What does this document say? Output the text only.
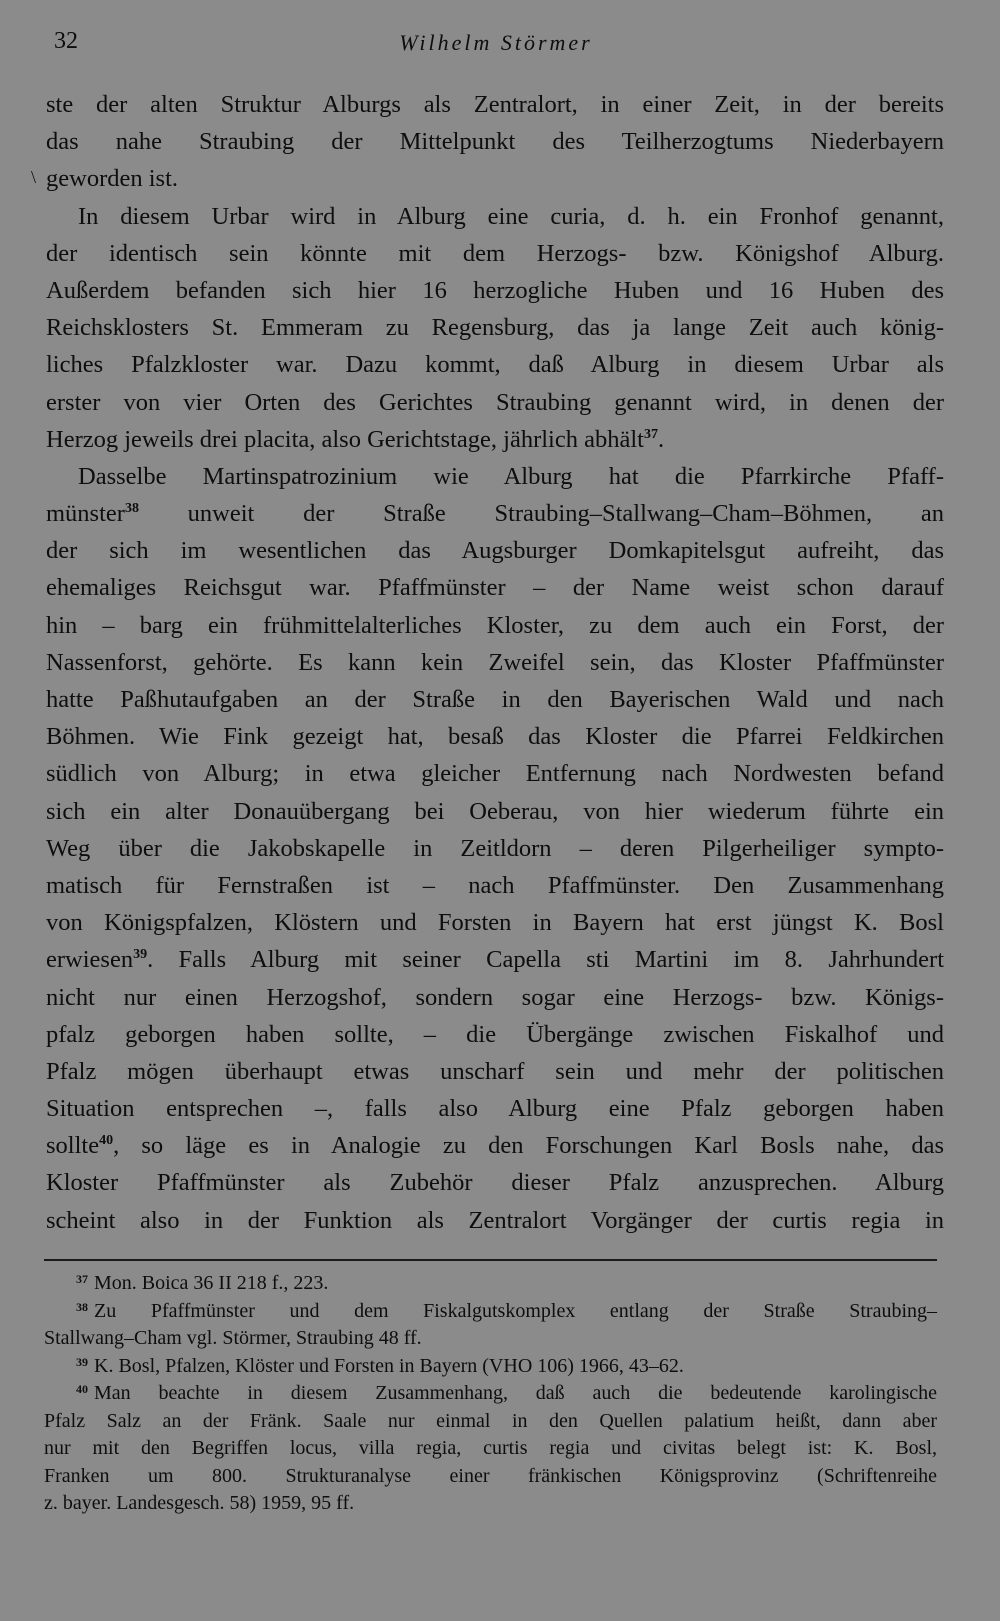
32	Wilhelm Störmer
\
ste der alten Struktur Alburgs als Zentralort, in einer Zeit, in der bereits
das nahe Straubing der Mittelpunkt des Teilherzogtums Niederbayern
geworden ist.
In diesem Urbar wird in Alburg eine curia, d. h. ein Fronhof genannt,
der identisch sein könnte mit dem Herzogs- bzw. Königshof Alburg.
Außerdem befanden sich hier 16 herzogliche Huben und 16 Huben des
Reichsklosters St. Emmeram zu Regensburg, das ja lange Zeit auch könig-
liches Pfalzkloster war. Dazu kommt, daß Alburg in diesem Urbar als
erster von vier Orten des Gerichtes Straubing genannt wird, in denen der
Herzog jeweils drei placita, also Gerichtstage, jährlich abhält$^{37}$.
Dasselbe Martinspatrozinium wie Alburg hat die Pfarrkirche Pfaff-
münster$^{38}$ unweit der Straße Straubing–Stallwang–Cham–Böhmen, an
der sich im wesentlichen das Augsburger Domkapitelsgut aufreiht, das
ehemaliges Reichsgut war. Pfaffmünster – der Name weist schon darauf
hin – barg ein frühmittelalterliches Kloster, zu dem auch ein Forst, der
Nassenforst, gehörte. Es kann kein Zweifel sein, das Kloster Pfaffmünster
hatte Paßhutaufgaben an der Straße in den Bayerischen Wald und nach
Böhmen. Wie Fink gezeigt hat, besaß das Kloster die Pfarrei Feldkirchen
südlich von Alburg; in etwa gleicher Entfernung nach Nordwesten befand
sich ein alter Donauübergang bei Oeberau, von hier wiederum führte ein
Weg über die Jakobskapelle in Zeitldorn – deren Pilgerheiliger sympto-
matisch für Fernstraßen ist – nach Pfaffmünster. Den Zusammenhang
von Königspfalzen, Klöstern und Forsten in Bayern hat erst jüngst K. Bosl
erwiesen$^{39}$. Falls Alburg mit seiner Capella sti Martini im 8. Jahrhundert
nicht nur einen Herzogshof, sondern sogar eine Herzogs- bzw. Königs-
pfalz geborgen haben sollte, – die Übergänge zwischen Fiskalhof und
Pfalz mögen überhaupt etwas unscharf sein und mehr der politischen
Situation entsprechen –, falls also Alburg eine Pfalz geborgen haben
sollte$^{40}$, so läge es in Analogie zu den Forschungen Karl Bosls nahe, das
Kloster Pfaffmünster als Zubehör dieser Pfalz anzusprechen. Alburg
scheint also in der Funktion als Zentralort Vorgänger der curtis regia in
$^{37}$ Mon. Boica 36 II 218 f., 223.
$^{38}$ Zu Pfaffmünster und dem Fiskalgutskomplex entlang der Straße Straubing–
Stallwang–Cham vgl. Störmer, Straubing 48 ff.
$^{39}$ K. Bosl, Pfalzen, Klöster und Forsten in Bayern (VHO 106) 1966, 43–62.
$^{40}$ Man beachte in diesem Zusammenhang, daß auch die bedeutende karolingische
Pfalz Salz an der Fränk. Saale nur einmal in den Quellen palatium heißt, dann aber
nur mit den Begriffen locus, villa regia, curtis regia und civitas belegt ist: K. Bosl,
Franken um 800. Strukturanalyse einer fränkischen Königsprovinz (Schriftenreihe
z. bayer. Landesgesch. 58) 1959, 95 ff.
